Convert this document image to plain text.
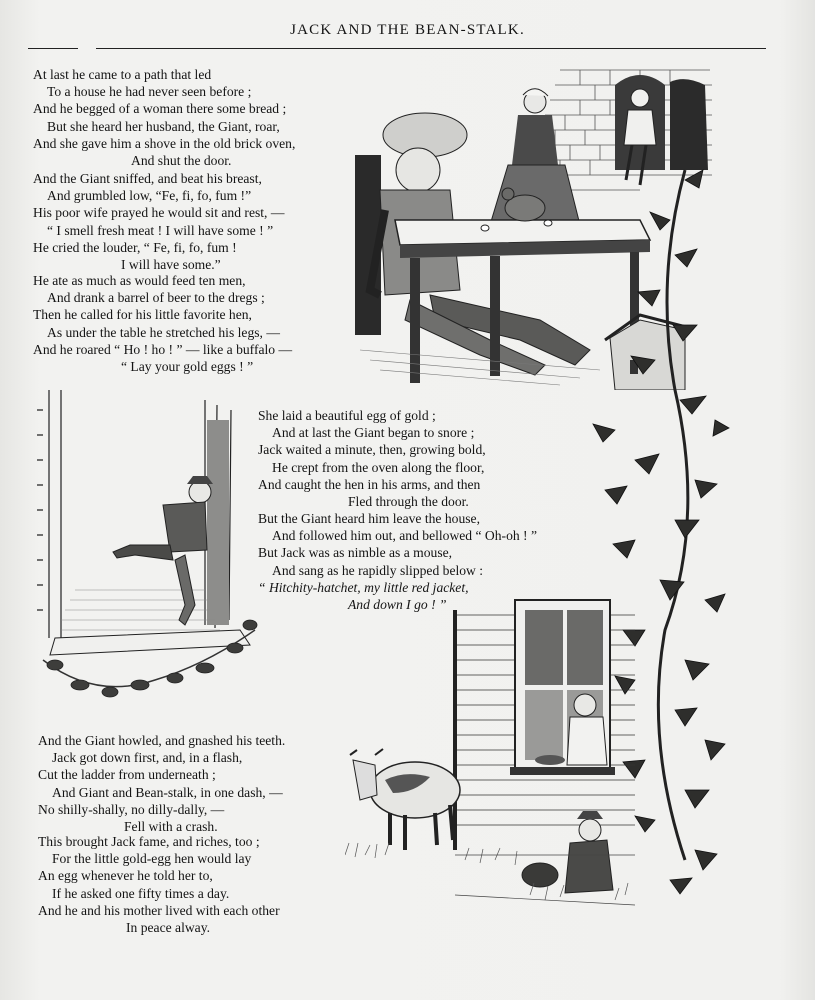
JACK AND THE BEAN-STALK.
At last he came to a path that led
To a house he had never seen before ;
And he begged of a woman there some bread ;
But she heard her husband, the Giant, roar,
And she gave him a shove in the old brick oven,
And shut the door.
And the Giant sniffed, and beat his breast,
And grumbled low, “Fe, fi, fo, fum !”
His poor wife prayed he would sit and rest, —
“ I smell fresh meat ! I will have some ! ”
He cried the louder, “ Fe, fi, fo, fum !
I will have some.”
He ate as much as would feed ten men,
And drank a barrel of beer to the dregs ;
Then he called for his little favorite hen,
As under the table he stretched his legs, —
And he roared “ Ho ! ho ! ” — like a buffalo —
“ Lay your gold eggs ! ”
She laid a beautiful egg of gold ;
And at last the Giant began to snore ;
Jack waited a minute, then, growing bold,
He crept from the oven along the floor,
And caught the hen in his arms, and then
Fled through the door.
But the Giant heard him leave the house,
And followed him out, and bellowed “ Oh-oh ! ”
But Jack was as nimble as a mouse,
And sang as he rapidly slipped below :
“ Hitchity-hatchet, my little red jacket,
And down I go ! ”
And the Giant howled, and gnashed his teeth.
Jack got down first, and, in a flash,
Cut the ladder from underneath ;
And Giant and Bean-stalk, in one dash, —
No shilly-shally, no dilly-dally, —
Fell with a crash.
This brought Jack fame, and riches, too ;
For the little gold-egg hen would lay
An egg whenever he told her to,
If he asked one fifty times a day.
And he and his mother lived with each other
In peace alway.
